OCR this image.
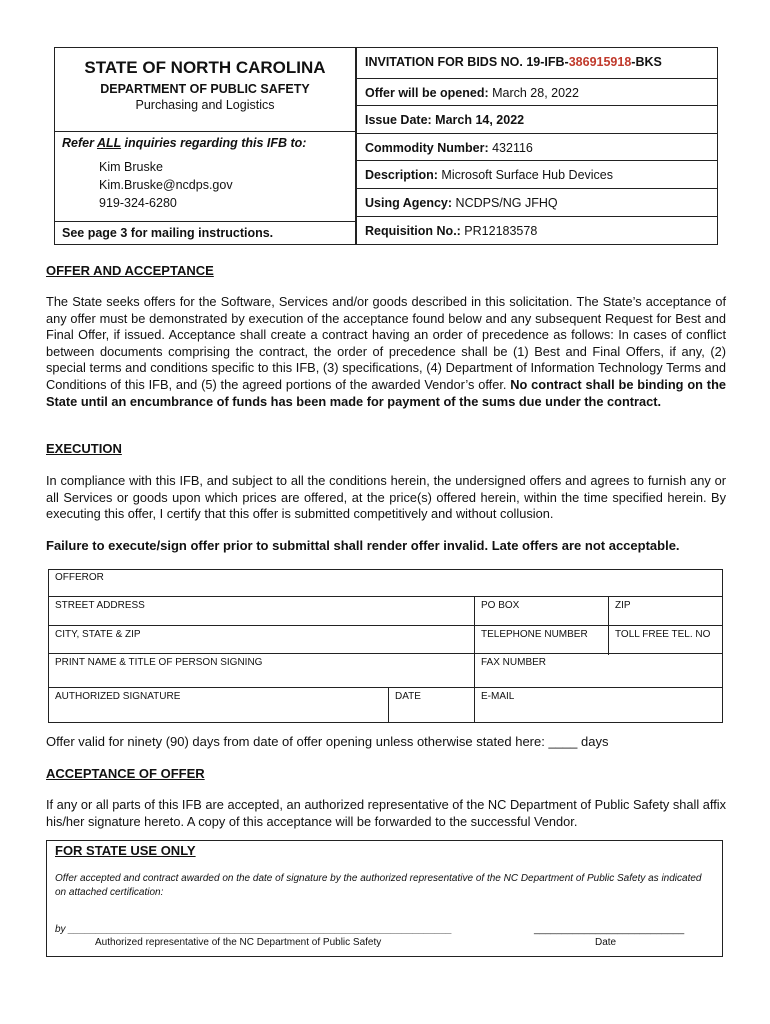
STATE OF NORTH CAROLINA
DEPARTMENT OF PUBLIC SAFETY
Purchasing and Logistics
Refer ALL inquiries regarding this IFB to:
Kim Bruske
Kim.Bruske@ncdps.gov
919-324-6280
See page 3 for mailing instructions.
INVITATION FOR BIDS NO. 19-IFB-386915918-BKS
Offer will be opened: March 28, 2022
Issue Date: March 14, 2022
Commodity Number: 432116
Description: Microsoft Surface Hub Devices
Using Agency: NCDPS/NG JFHQ
Requisition No.: PR12183578
OFFER AND ACCEPTANCE
The State seeks offers for the Software, Services and/or goods described in this solicitation. The State’s acceptance of any offer must be demonstrated by execution of the acceptance found below and any subsequent Request for Best and Final Offer, if issued. Acceptance shall create a contract having an order of precedence as follows: In cases of conflict between documents comprising the contract, the order of precedence shall be (1) Best and Final Offers, if any, (2) special terms and conditions specific to this IFB, (3) specifications, (4) Department of Information Technology Terms and Conditions of this IFB, and (5) the agreed portions of the awarded Vendor’s offer. No contract shall be binding on the State until an encumbrance of funds has been made for payment of the sums due under the contract.
EXECUTION
In compliance with this IFB, and subject to all the conditions herein, the undersigned offers and agrees to furnish any or all Services or goods upon which prices are offered, at the price(s) offered herein, within the time specified herein. By executing this offer, I certify that this offer is submitted competitively and without collusion.
Failure to execute/sign offer prior to submittal shall render offer invalid. Late offers are not acceptable.
OFFEROR
STREET ADDRESS	PO BOX	ZIP
CITY, STATE & ZIP	TELEPHONE NUMBER	TOLL FREE TEL. NO
PRINT NAME & TITLE OF PERSON SIGNING	FAX NUMBER
AUTHORIZED SIGNATURE	DATE	E-MAIL
Offer valid for ninety (90) days from date of offer opening unless otherwise stated here: ____ days
ACCEPTANCE OF OFFER
If any or all parts of this IFB are accepted, an authorized representative of the NC Department of Public Safety shall affix his/her signature hereto. A copy of this acceptance will be forwarded to the successful Vendor.
FOR STATE USE ONLY
Offer accepted and contract awarded on the date of signature by the authorized representative of the NC Department of Public Safety as indicated on attached certification:
by _____________________________________________________________________	___________________________
Authorized representative of the NC Department of Public Safety	Date
